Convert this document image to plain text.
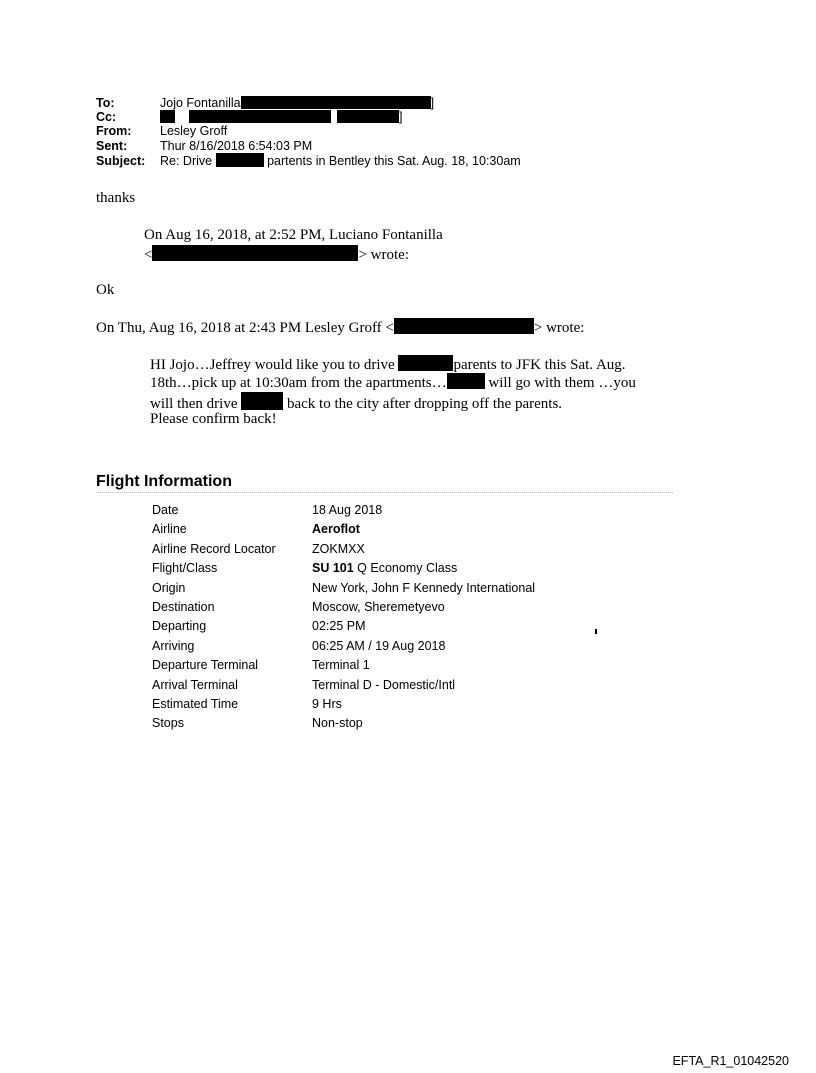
To:	Jojo Fontanilla	]
Cc:	]
From: Lesley Groff
Sent:	Thur 8/16/2018 6:54:03 PM
Subject: Re: Drive	partents in Bentley this Sat. Aug. 18, 10:30am
thanks
On Aug 16, 2018, at 2:52 PM, Luciano Fontanilla
<	> wrote:
Ok
On Thu, Aug 16, 2018 at 2:43 PM Lesley Groff <	> wrote:
HI Jojo…Jeffrey would like you to drive	parents to JFK this Sat. Aug.
18th…pick up at 10:30am from the apartments…	will go with them …you
will then drive	back to the city after dropping off the parents.
Please confirm back!
Flight Information
Date	18 Aug 2018
Airline	Aeroflot
Airline Record Locator	ZOKMXX
Flight/Class	SU 101 Q Economy Class
Origin	New York, John F Kennedy International
Destination	Moscow, Sheremetyevo
Departing	02:25 PM
Arriving	06:25 AM / 19 Aug 2018
Departure Terminal	Terminal 1
Arrival Terminal	Terminal D - Domestic/Intl
Estimated Time	9 Hrs
Stops	Non-stop
EFTA_R1_01042520
